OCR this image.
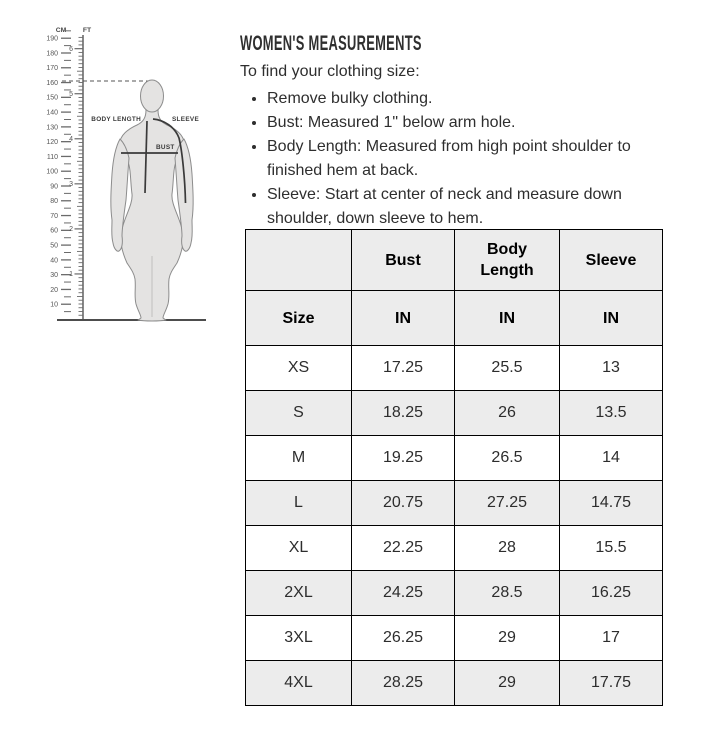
CM FT
190
180
170
160
150
140
130
120
110
100
90
80
70
60
50
40
30
20
10
6
5
4
3
2
1
BODY LENGTH	SLEEVE
BUST
WOMEN'S MEASUREMENTS

To find your clothing size:

• Remove bulky clothing.
• Bust: Measured 1" below arm hole.
• Body Length: Measured from high point shoulder to finished hem at back.
• Sleeve: Start at center of neck and measure down shoulder, down sleeve to hem.
	Bust	Body Length	Sleeve
Size	IN	IN	IN
XS	17.25	25.5	13
S	18.25	26	13.5
M	19.25	26.5	14
L	20.75	27.25	14.75
XL	22.25	28	15.5
2XL	24.25	28.5	16.25
3XL	26.25	29	17
4XL	28.25	29	17.75
